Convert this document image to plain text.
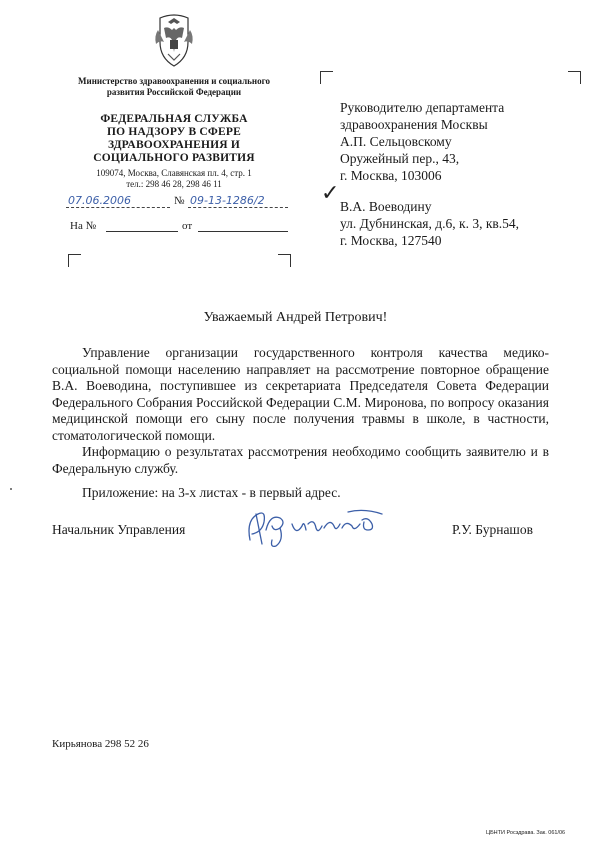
Министерство здравоохранения и социального развития Российской Федерации
ФЕДЕРАЛЬНАЯ СЛУЖБА
ПО НАДЗОРУ В СФЕРЕ
ЗДРАВООХРАНЕНИЯ И
СОЦИАЛЬНОГО РАЗВИТИЯ
109074, Москва, Славянская пл. 4, стр. 1
тел.: 298 46 28, 298 46 11
07.06.2006	№ 09-13-1286/2
На №	от
Руководителю департамента
здравоохранения Москвы
А.П. Сельцовскому
Оружейный пер., 43,
г. Москва, 103006
✓
В.А. Воеводину
ул. Дубнинская, д.6, к. 3, кв.54,
г. Москва, 127540
Уважаемый Андрей Петрович!

Управление организации государственного контроля качества медико-социальной помощи населению направляет на рассмотрение повторное обращение В.А. Воеводина, поступившее из секретариата Председателя Совета Федерации Федерального Собрания Российской Федерации С.М. Миронова, по вопросу оказания медицинской помощи его сыну после получения травмы в школе, в частности, стоматологической помощи.

Информацию о результатах рассмотрения необходимо сообщить заявителю и в Федеральную службу.

Приложение: на 3-х листах - в первый адрес.
Начальник Управления	Р.У. Бурнашов
Кирьянова 298 52 26
ЦБНТИ Росздрава. Зак. 061/06
